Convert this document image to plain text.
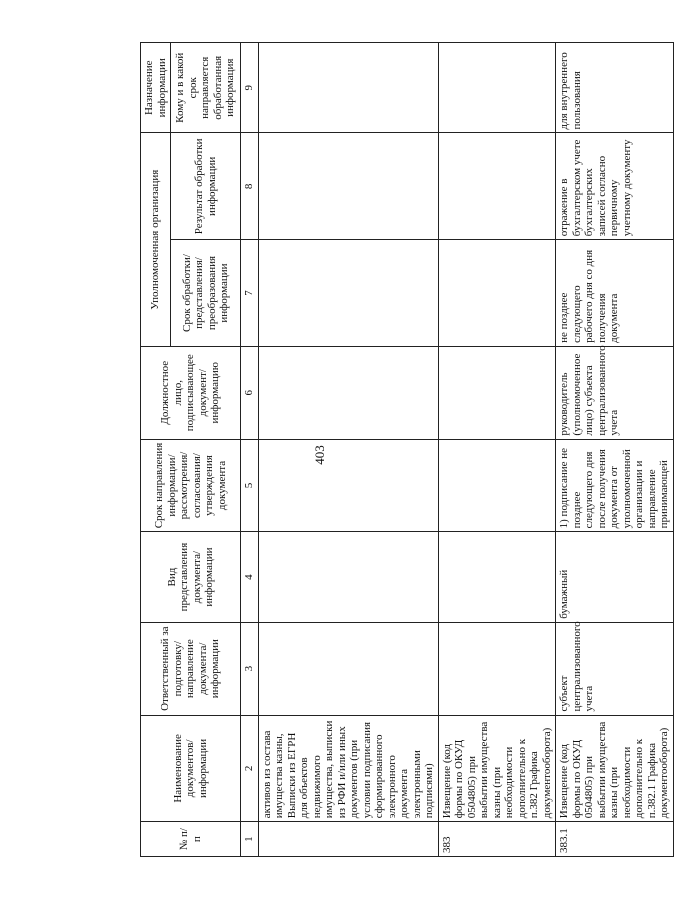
403
№ п/п	Наименование документов/ информации	Ответственный за подготовку/ направление документа/ информации	Вид представления документа/ информации	Срок направления информации/ рассмотрения/ согласования/ утверждения документа	Должностное лицо, подписывающее документ/ информацию	Уполномоченная организация		Назначение информации
						Срок обработки/ представления/ преобразования информации	Результат обработки информации	Кому и в какой срок направляется обработанная информация
1	2	3	4	5	6	7	8	9
	активов из состава имущества казны, Выписки из ЕГРН для объектов недвижимого имущества, выписки из РФИ и/или иных документов (при условии подписания сформированного электронного документа электронными подписями)							
383	Извещение (код формы по ОКУД 0504805) при выбытии имущества казны (при необходимости дополнительно к п.382 Графика документооборота)							
383.1	Извещение (код формы по ОКУД 0504805) при выбытии имущества казны (при необходимости дополнительно к п.382.1 Графика документооборота)	субъект централизованного учета	бумажный	1) подписание не позднее следующего дня после получения документа от уполномоченной организации и направление принимающей	руководитель (уполномоченное лицо) субъекта централизованного учета	не позднее следующего рабочего дня со дня получения документа	отражение в бухгалтерском учете бухгалтерских записей согласно первичному учетному документу	для внутреннего пользования
